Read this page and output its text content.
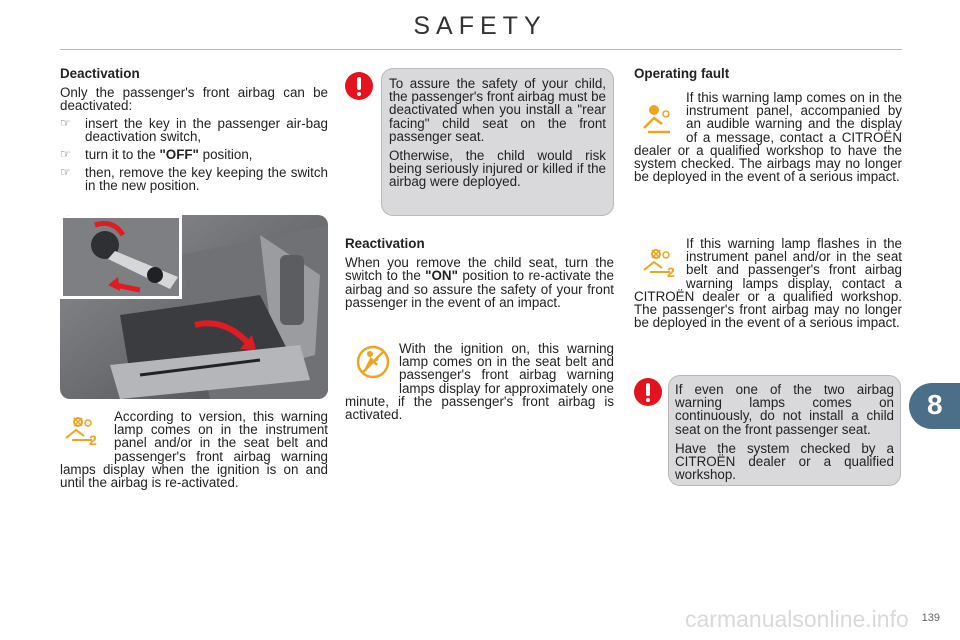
SAFETY
Deactivation

Only the passenger's front airbag can be deactivated:

☞ insert the key in the passenger air-bag deactivation switch,
☞ turn it to the "OFF" position,
☞ then, remove the key keeping the switch in the new position.
2
According to version, this warning lamp comes on in the instrument panel and/or in the seat belt and passenger's front airbag warning lamps display when the ignition is on and until the airbag is re-activated.

To assure the safety of your child, the passenger's front airbag must be deactivated when you install a "rear facing" child seat on the front passenger seat.

Otherwise, the child would risk being seriously injured or killed if the airbag were deployed.

Reactivation

When you remove the child seat, turn the switch to the "ON" position to re-activate the airbag and so assure the safety of your front passenger in the event of an impact.

With the ignition on, this warning lamp comes on in the seat belt and passenger's front airbag warning lamps display for approximately one minute, if the passenger's front airbag is activated.
Operating fault
If this warning lamp comes on in the instrument panel, accompanied by an audible warning and the display of a message, contact a CITROËN dealer or a qualified workshop to have the system checked. The airbags may no longer be deployed in the event of a serious impact.
2
If this warning lamp flashes in the instrument panel and/or in the seat belt and passenger's front airbag warning lamps display, contact a CITROËN dealer or a qualified workshop. The passenger's front airbag may no longer be deployed in the event of a serious impact.

If even one of the two airbag warning lamps comes on continuously, do not install a child seat on the front passenger seat.

Have the system checked by a CITROËN dealer or a qualified workshop.

8
carmanualsonline.info 139
